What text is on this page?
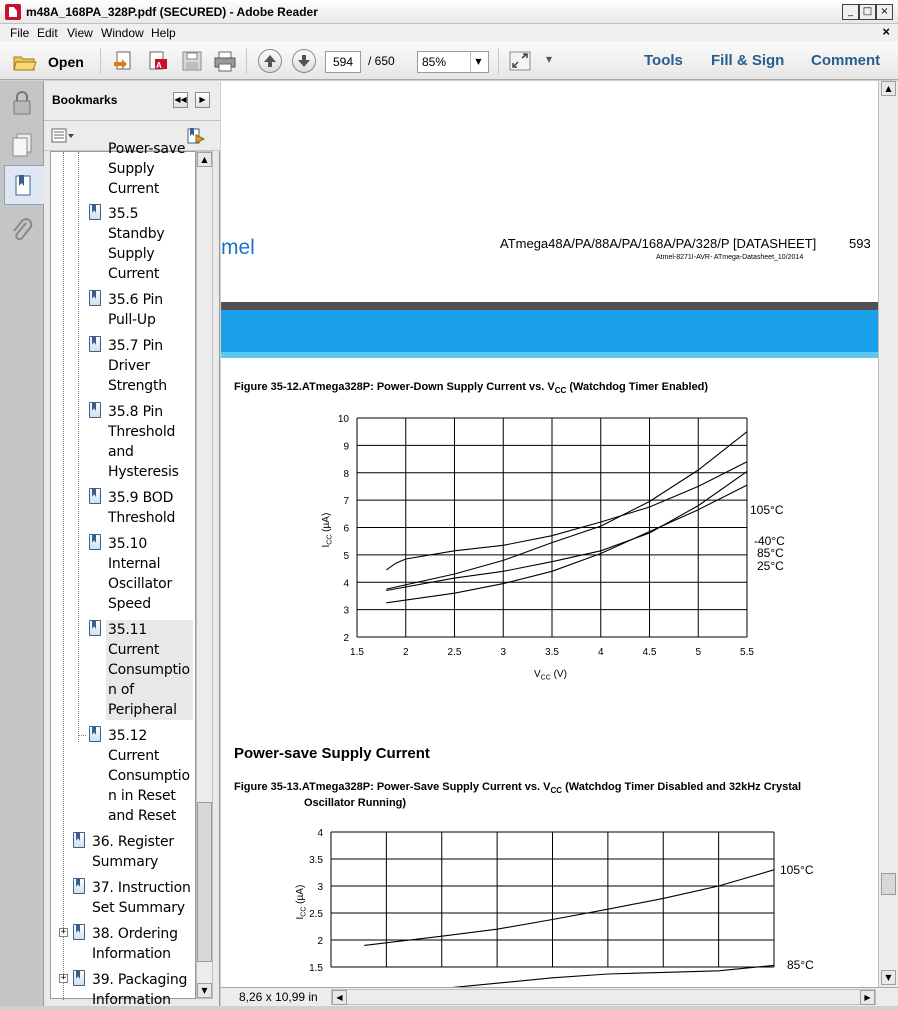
m48A_168PA_328P.pdf (SECURED) - Adobe Reader	_ □ ×
File Edit View Window Help	×
Open	A	594	/ 650	85%	▼	▾	Tools Fill & Sign Comment
Bookmarks	◀◀	▶
Power-save
Supply
Current
35.5
Standby
Supply
Current
35.6 Pin
Pull-Up
35.7 Pin
Driver
Strength
35.8 Pin
Threshold
and
Hysteresis
35.9 BOD
Threshold
35.10
Internal
Oscillator
Speed
35.11
Current
Consumptio
n of
Peripheral
35.12
Current
Consumptio
n in Reset
and Reset
36. Register
Summary
37. Instruction
Set Summary
+ 38. Ordering
Information
+ 39. Packaging
Information
▲
▼
mel	ATmega48A/PA/88A/PA/168A/PA/328/P [DATASHEET]	593
Atmel-8271I-AVR- ATmega-Datasheet_10/2014
Figure 35-12.ATmega328P: Power-Down Supply Current vs. $V_{CC}$ (Watchdog Timer Enabled)
2
3
4
5
6
7
8
9
10
1.5	2	2.5	3	3.5	4	4.5	5	5.5
105°C
-40°C
85°C
25°C
$V_{CC}$ (V)
$I_{CC}$ (µA)
Power-save Supply Current
Figure 35-13.ATmega328P: Power-Save Supply Current vs. $V_{CC}$ (Watchdog Timer Disabled and 32kHz Crystal
Oscillator Running)
1.5
2
2.5
3
3.5
4
105°C
85°C
$I_{CC}$ (µA)
▲
▼
8,26 x 10,99 in	◀	▶
